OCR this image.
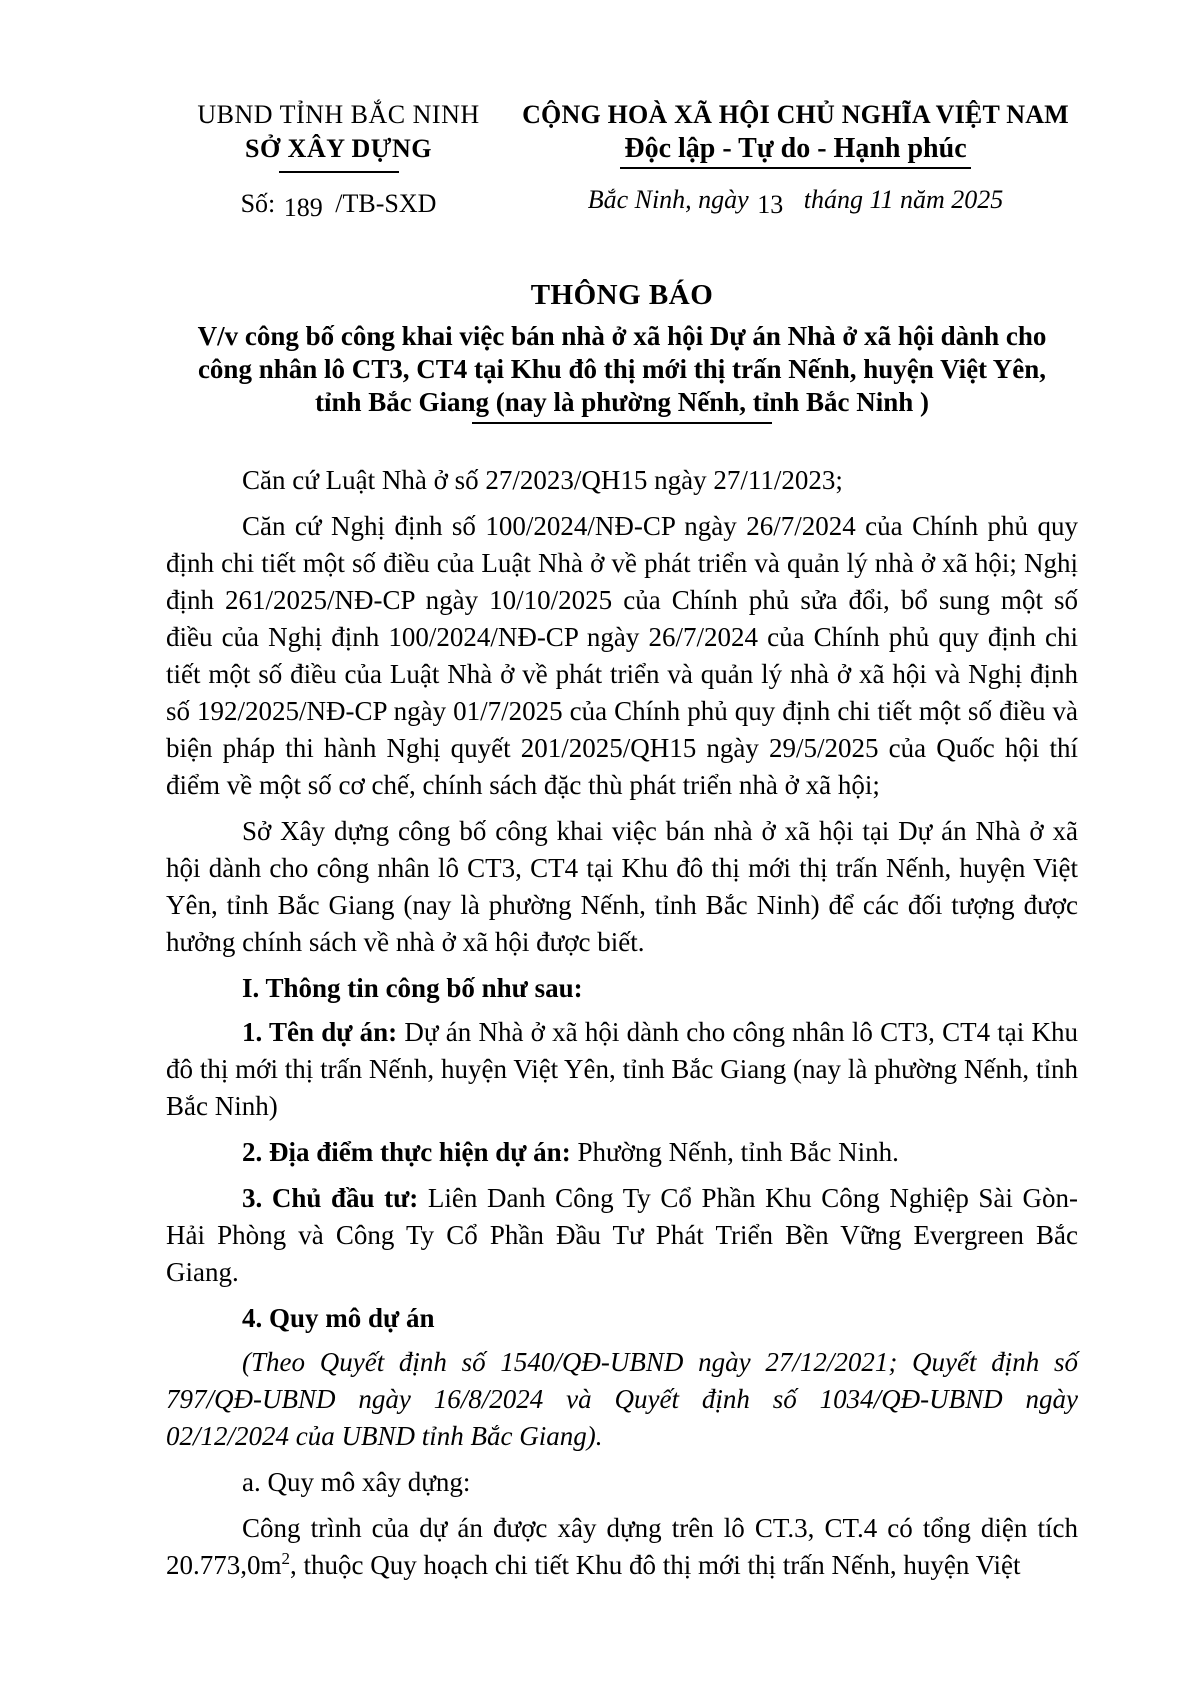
UBND TỈNH BẮC NINH
SỞ XÂY DỰNG
Số: 189 /TB-SXD
CỘNG HOÀ XÃ HỘI CHỦ NGHĨA VIỆT NAM
Độc lập - Tự do - Hạnh phúc
Bắc Ninh, ngày 13 tháng 11 năm 2025
THÔNG BÁO
V/v công bố công khai việc bán nhà ở xã hội Dự án Nhà ở xã hội dành cho
công nhân lô CT3, CT4 tại Khu đô thị mới thị trấn Nếnh, huyện Việt Yên,
tỉnh Bắc Giang (nay là phường Nếnh, tỉnh Bắc Ninh )

Căn cứ Luật Nhà ở số 27/2023/QH15 ngày 27/11/2023;

Căn cứ Nghị định số 100/2024/NĐ-CP ngày 26/7/2024 của Chính phủ quy định chi tiết một số điều của Luật Nhà ở về phát triển và quản lý nhà ở xã hội; Nghị định 261/2025/NĐ-CP ngày 10/10/2025 của Chính phủ sửa đổi, bổ sung một số điều của Nghị định 100/2024/NĐ-CP ngày 26/7/2024 của Chính phủ quy định chi tiết một số điều của Luật Nhà ở về phát triển và quản lý nhà ở xã hội và Nghị định số 192/2025/NĐ-CP ngày 01/7/2025 của Chính phủ quy định chi tiết một số điều và biện pháp thi hành Nghị quyết 201/2025/QH15 ngày 29/5/2025 của Quốc hội thí điểm về một số cơ chế, chính sách đặc thù phát triển nhà ở xã hội;

Sở Xây dựng công bố công khai việc bán nhà ở xã hội tại Dự án Nhà ở xã hội dành cho công nhân lô CT3, CT4 tại Khu đô thị mới thị trấn Nếnh, huyện Việt Yên, tỉnh Bắc Giang (nay là phường Nếnh, tỉnh Bắc Ninh) để các đối tượng được hưởng chính sách về nhà ở xã hội được biết.

I. Thông tin công bố như sau:

1. Tên dự án: Dự án Nhà ở xã hội dành cho công nhân lô CT3, CT4 tại Khu đô thị mới thị trấn Nếnh, huyện Việt Yên, tỉnh Bắc Giang (nay là phường Nếnh, tỉnh Bắc Ninh)

2. Địa điểm thực hiện dự án: Phường Nếnh, tỉnh Bắc Ninh.

3. Chủ đầu tư: Liên Danh Công Ty Cổ Phần Khu Công Nghiệp Sài Gòn- Hải Phòng và Công Ty Cổ Phần Đầu Tư Phát Triển Bền Vững Evergreen Bắc Giang.

4. Quy mô dự án

(Theo Quyết định số 1540/QĐ-UBND ngày 27/12/2021; Quyết định số 797/QĐ-UBND ngày 16/8/2024 và Quyết định số 1034/QĐ-UBND ngày 02/12/2024 của UBND tỉnh Bắc Giang).

a. Quy mô xây dựng:

Công trình của dự án được xây dựng trên lô CT.3, CT.4 có tổng diện tích $20.773,0m^2$, thuộc Quy hoạch chi tiết Khu đô thị mới thị trấn Nếnh, huyện Việt
